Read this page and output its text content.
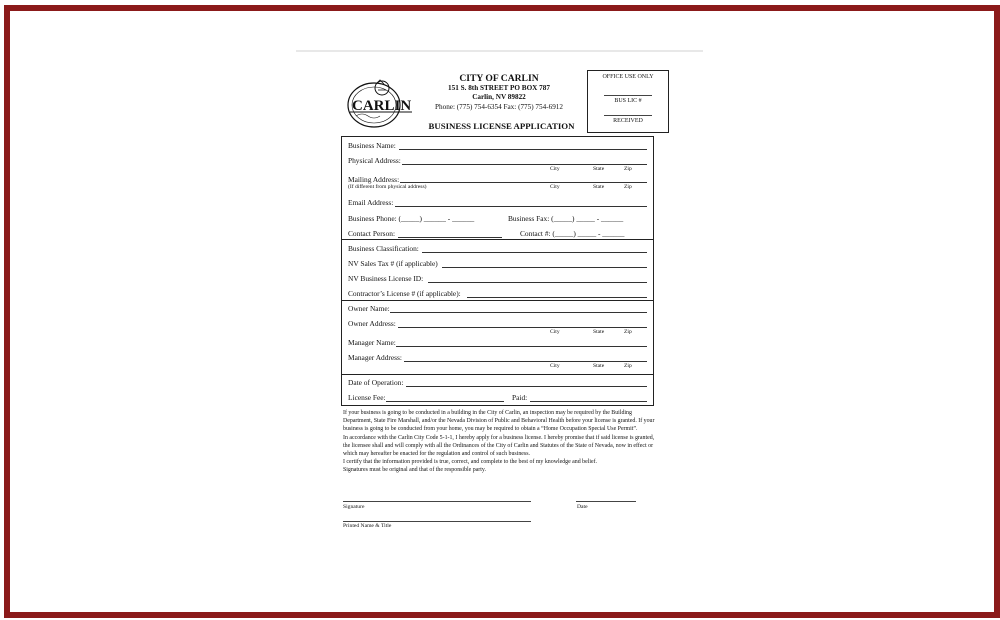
CARLIN
CITY OF CARLIN
151 S. 8th STREET PO BOX 787
Carlin, NV 89822
Phone: (775) 754-6354 Fax: (775) 754-6912
BUSINESS LICENSE APPLICATION
OFFICE USE ONLY
BUS LIC #
RECEIVED
Business Name:
Physical Address:
City	State	Zip
Mailing Address:
(If different from physical address)	City	State	Zip
Email Address:
Business Phone: (_____) ______ - ______	Business Fax: (_____) _____ - ______
Contact Person:	Contact #: (_____) _____ - ______
Business Classification:
NV Sales Tax # (if applicable)
NV Business License ID:
Contractor’s License # (if applicable):
Owner Name:
Owner Address:
City	State	Zip
Manager Name:
Manager Address:
City	State	Zip
Date of Operation:
License Fee:	Paid:

If your business is going to be conducted in a building in the City of Carlin, an inspection may be required by the Building Department, State Fire Marshall, and/or the Nevada Division of Public and Behavioral Health before your license is granted. If your business is going to be conducted from your home, you may be required to obtain a “Home Occupation Special Use Permit”.

In accordance with the Carlin City Code 5-1-1, I hereby apply for a business license. I hereby promise that if said license is granted, the licensee shall and will comply with all the Ordinances of the City of Carlin and Statutes of the State of Nevada, now in effect or which may hereafter be enacted for the regulation and control of such business.

I certify that the information provided is true, correct, and complete to the best of my knowledge and belief.

Signatures must be original and that of the responsible party.

Signature	Date
Printed Name & Title
